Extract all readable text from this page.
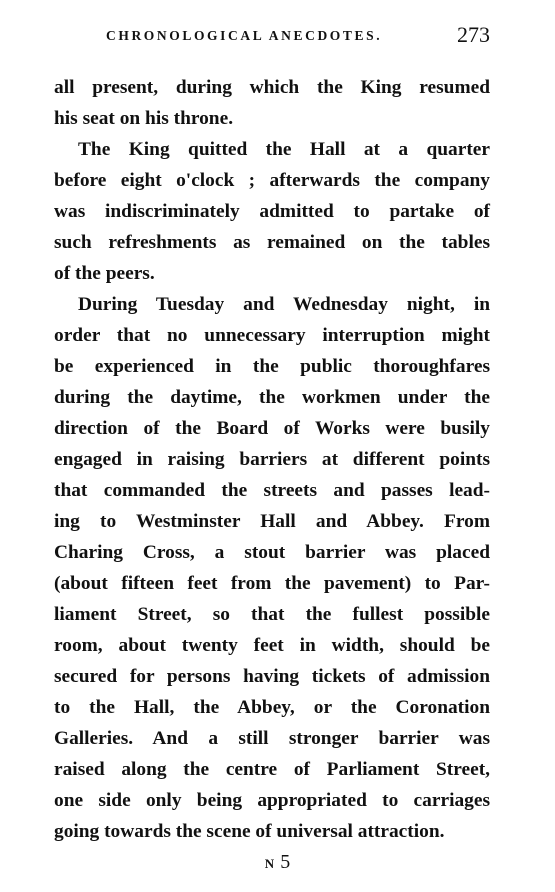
CHRONOLOGICAL ANECDOTES.	273
all present, during which the King resumed
his seat on his throne.
The King quitted the Hall at a quarter
before eight o'clock ; afterwards the company
was indiscriminately admitted to partake of
such refreshments as remained on the tables
of the peers.
During Tuesday and Wednesday night, in
order that no unnecessary interruption might
be experienced in the public thoroughfares
during the daytime, the workmen under the
direction of the Board of Works were busily
engaged in raising barriers at different points
that commanded the streets and passes lead-
ing to Westminster Hall and Abbey. From
Charing Cross, a stout barrier was placed
(about fifteen feet from the pavement) to Par-
liament Street, so that the fullest possible
room, about twenty feet in width, should be
secured for persons having tickets of admission
to the Hall, the Abbey, or the Coronation
Galleries. And a still stronger barrier was
raised along the centre of Parliament Street,
one side only being appropriated to carriages
going towards the scene of universal attraction.
N 5
